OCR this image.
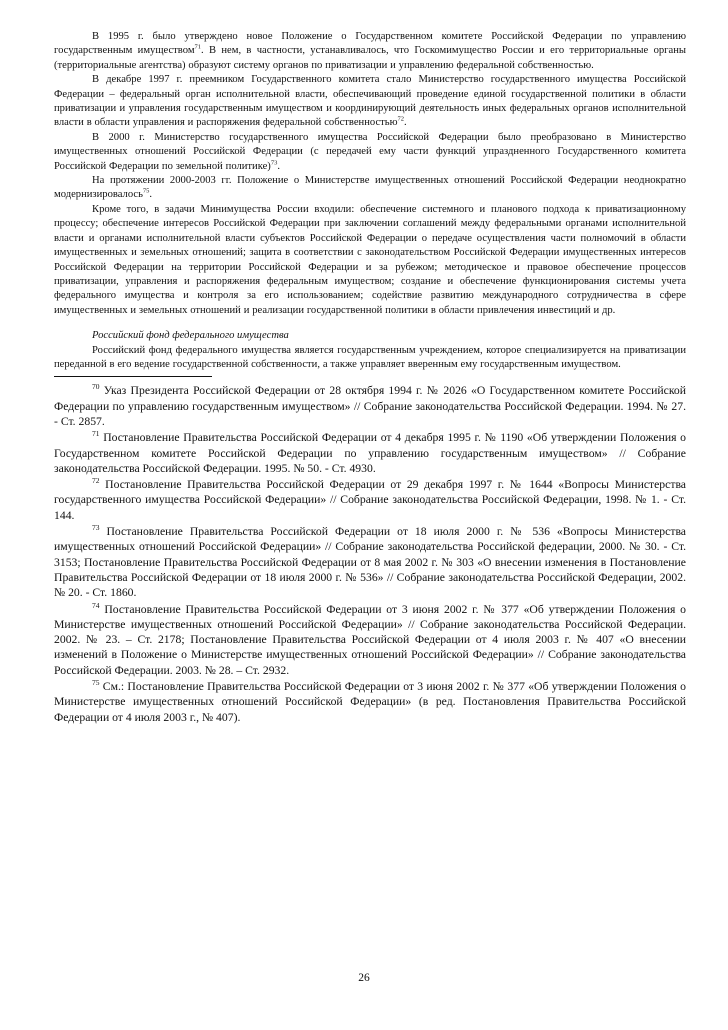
В 1995 г. было утверждено новое Положение о Государственном комитете Российской Федерации по управлению государственным имуществом$^{71}$. В нем, в частности, устанавливалось, что Госкомимущество России и его территориальные органы (территориальные агентства) образуют систему органов по приватизации и управлению федеральной собственностью.

В декабре 1997 г. преемником Государственного комитета стало Министерство государственного имущества Российской Федерации – федеральный орган исполнительной власти, обеспечивающий проведение единой государственной политики в области приватизации и управления государственным имуществом и координирующий деятельность иных федеральных органов исполнительной власти в области управления и распоряжения федеральной собственностью$^{72}$.

В 2000 г. Министерство государственного имущества Российской Федерации было преобразовано в Министерство имущественных отношений Российской Федерации (с передачей ему части функций упраздненного Государственного комитета Российской Федерации по земельной политике)$^{73}$.

На протяжении 2000-2003 гг. Положение о Министерстве имущественных отношений Российской Федерации неоднократно модернизировалось$^{75}$.

Кроме того, в задачи Минимущества России входили: обеспечение системного и планового подхода к приватизационному процессу; обеспечение интересов Российской Федерации при заключении соглашений между федеральными органами исполнительной власти и органами исполнительной власти субъектов Российской Федерации о передаче осуществления части полномочий в области имущественных и земельных отношений; защита в соответствии с законодательством Российской Федерации имущественных интересов Российской Федерации на территории Российской Федерации и за рубежом; методическое и правовое обеспечение процессов приватизации, управления и распоряжения федеральным имуществом; создание и обеспечение функционирования системы учета федерального имущества и контроля за его использованием; содействие развитию международного сотрудничества в сфере имущественных и земельных отношений и реализации государственной политики в области привлечения инвестиций и др.

Российский фонд федерального имущества

Российский фонд федерального имущества является государственным учреждением, которое специализируется на приватизации переданной в его ведение государственной собственности, а также управляет вверенным ему государственным имуществом.

$^{70}$ Указ Президента Российской Федерации от 28 октября 1994 г. № 2026 «О Государственном комитете Российской Федерации по управлению государственным имуществом» // Собрание законодательства Российской Федерации. 1994. № 27. - Ст. 2857.

$^{71}$ Постановление Правительства Российской Федерации от 4 декабря 1995 г. № 1190 «Об утверждении Положения о Государственном комитете Российской Федерации по управлению государственным имуществом» // Собрание законодательства Российской Федерации. 1995. № 50. - Ст. 4930.

$^{72}$ Постановление Правительства Российской Федерации от 29 декабря 1997 г. № 1644 «Вопросы Министерства государственного имущества Российской Федерации» // Собрание законодательства Российской Федерации, 1998. № 1. - Ст. 144.

$^{73}$ Постановление Правительства Российской Федерации от 18 июля 2000 г. № 536 «Вопросы Министерства имущественных отношений Российской Федерации» // Собрание законодательства Российской федерации, 2000. № 30. - Ст. 3153; Постановление Правительства Российской Федерации от 8 мая 2002 г. № 303 «О внесении изменения в Постановление Правительства Российской Федерации от 18 июля 2000 г. № 536» // Собрание законодательства Российской Федерации, 2002. № 20. - Ст. 1860.

$^{74}$ Постановление Правительства Российской Федерации от 3 июня 2002 г. № 377 «Об утверждении Положения о Министерстве имущественных отношений Российской Федерации» // Собрание законодательства Российской Федерации. 2002. № 23. – Ст. 2178; Постановление Правительства Российской Федерации от 4 июля 2003 г. № 407 «О внесении изменений в Положение о Министерстве имущественных отношений Российской Федерации» // Собрание законодательства Российской Федерации. 2003. № 28. – Ст. 2932.

$^{75}$ См.: Постановление Правительства Российской Федерации от 3 июня 2002 г. № 377 «Об утверждении Положения о Министерстве имущественных отношений Российской Федерации» (в ред. Постановления Правительства Российской Федерации от 4 июля 2003 г., № 407).

26
